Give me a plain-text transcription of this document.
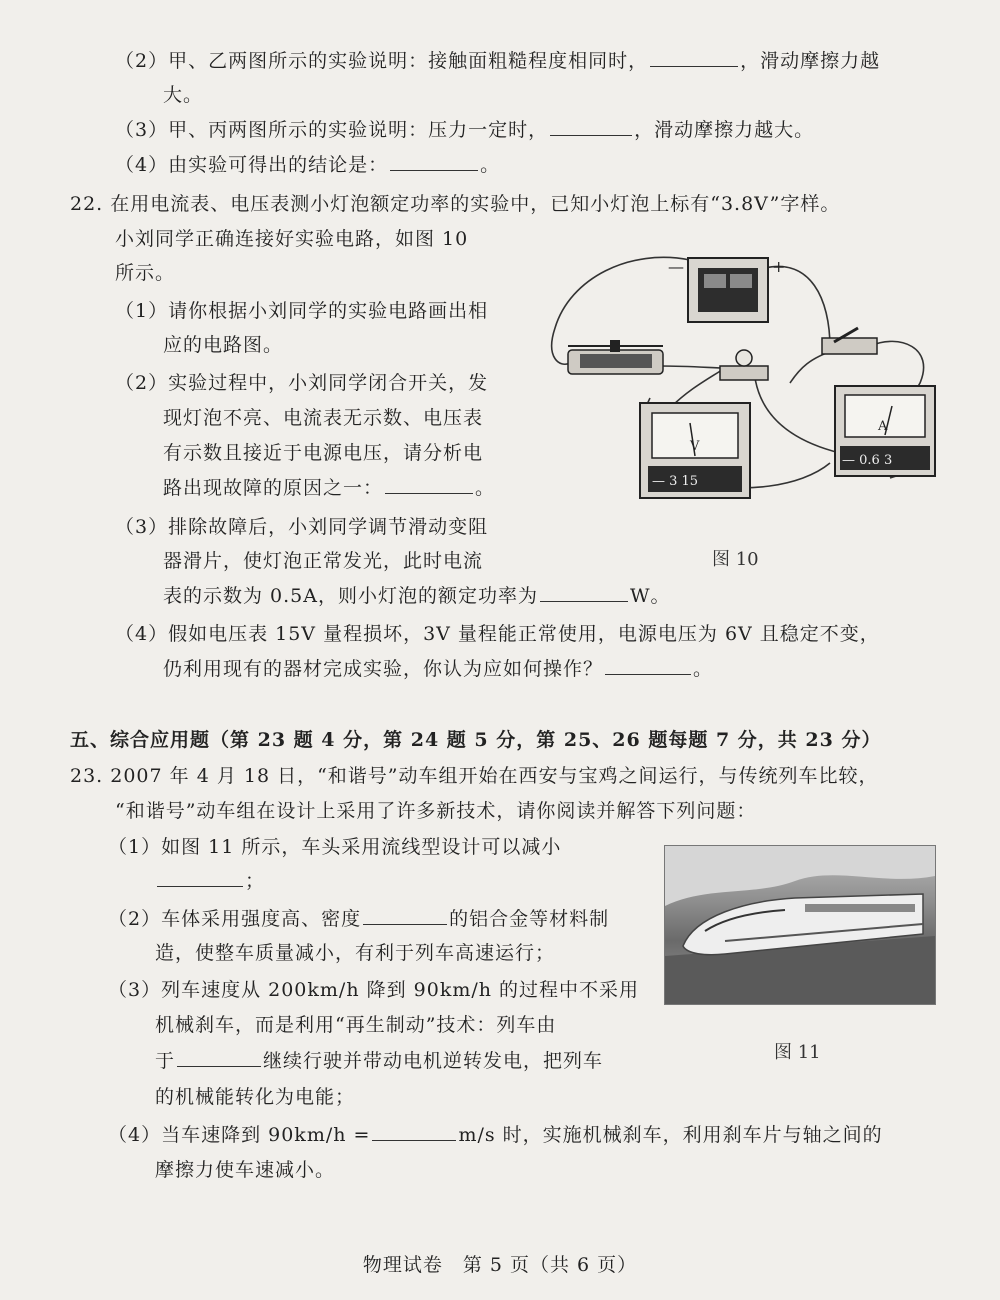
（2）甲、乙两图所示的实验说明：接触面粗糙程度相同时，	，滑动摩擦力越
大。
（3）甲、丙两图所示的实验说明：压力一定时，	，滑动摩擦力越大。
（4）由实验可得出的结论是：	。
22. 在用电流表、电压表测小灯泡额定功率的实验中，已知小灯泡上标有“3.8V”字样。
小刘同学正确连接好实验电路，如图 10
所示。
（1）请你根据小刘同学的实验电路画出相
应的电路图。
（2）实验过程中，小刘同学闭合开关，发
现灯泡不亮、电流表无示数、电压表
有示数且接近于电源电压，请分析电
路出现故障的原因之一：	。
（3）排除故障后，小刘同学调节滑动变阻
器滑片，使灯泡正常发光，此时电流
表的示数为 0.5A，则小灯泡的额定功率为	W。
（4）假如电压表 15V 量程损坏，3V 量程能正常使用，电源电压为 6V 且稳定不变，
仍利用现有的器材完成实验，你认为应如何操作？	。
—	+
V
— 3 15
A
— 0.6 3
图 10
五、综合应用题（第 23 题 4 分，第 24 题 5 分，第 25、26 题每题 7 分，共 23 分）
23. 2007 年 4 月 18 日，“和谐号”动车组开始在西安与宝鸡之间运行，与传统列车比较，
“和谐号”动车组在设计上采用了许多新技术，请你阅读并解答下列问题：
（1）如图 11 所示，车头采用流线型设计可以减小
；
（2）车体采用强度高、密度	的铝合金等材料制
造，使整车质量减小，有利于列车高速运行；
（3）列车速度从 200km/h 降到 90km/h 的过程中不采用
机械刹车，而是利用“再生制动”技术：列车由
于	继续行驶并带动电机逆转发电，把列车
的机械能转化为电能；
（4）当车速降到 90km/h =	m/s 时，实施机械刹车，利用刹车片与轴之间的
摩擦力使车速减小。
图 11
物理试卷　第 5 页（共 6 页）
